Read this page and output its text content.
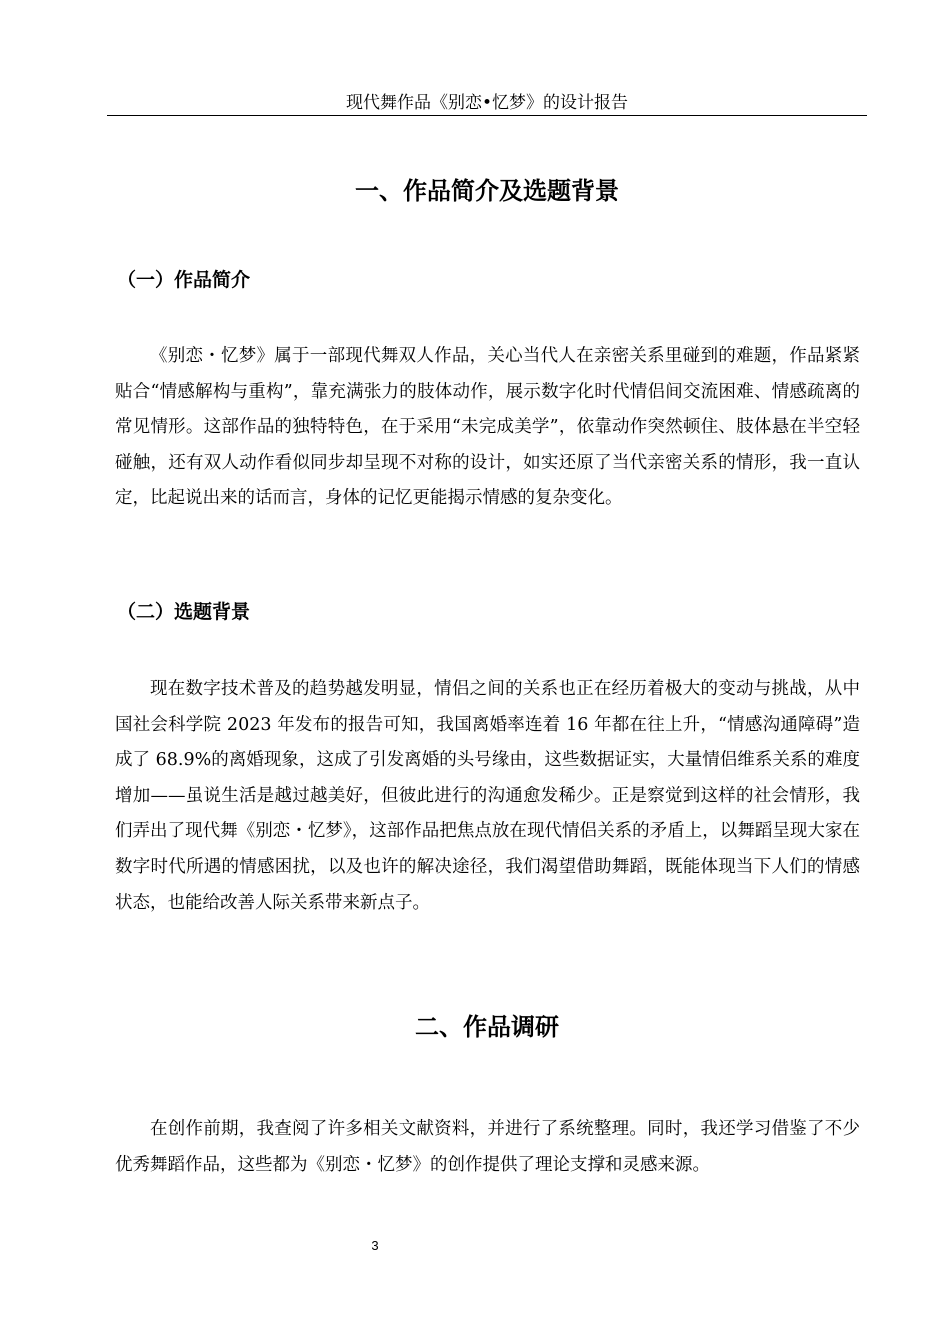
现代舞作品《别恋•忆梦》的设计报告
一、作品简介及选题背景
（一）作品简介

《别恋・忆梦》属于一部现代舞双人作品，关心当代人在亲密关系里碰到的难题，作品紧紧贴合“情感解构与重构”，靠充满张力的肢体动作，展示数字化时代情侣间交流困难、情感疏离的常见情形。这部作品的独特特色，在于采用“未完成美学”，依靠动作突然顿住、肢体悬在半空轻碰触，还有双人动作看似同步却呈现不对称的设计，如实还原了当代亲密关系的情形，我一直认定，比起说出来的话而言，身体的记忆更能揭示情感的复杂变化。

（二）选题背景

现在数字技术普及的趋势越发明显，情侣之间的关系也正在经历着极大的变动与挑战，从中国社会科学院 2023 年发布的报告可知，我国离婚率连着 16 年都在往上升，“情感沟通障碍”造成了 68.9%的离婚现象，这成了引发离婚的头号缘由，这些数据证实，大量情侣维系关系的难度增加——虽说生活是越过越美好，但彼此进行的沟通愈发稀少。正是察觉到这样的社会情形，我们弄出了现代舞《别恋・忆梦》，这部作品把焦点放在现代情侣关系的矛盾上，以舞蹈呈现大家在数字时代所遇的情感困扰，以及也许的解决途径，我们渴望借助舞蹈，既能体现当下人们的情感状态，也能给改善人际关系带来新点子。

二、作品调研

在创作前期，我查阅了许多相关文献资料，并进行了系统整理。同时，我还学习借鉴了不少优秀舞蹈作品，这些都为《别恋・忆梦》的创作提供了理论支撑和灵感来源。

3
